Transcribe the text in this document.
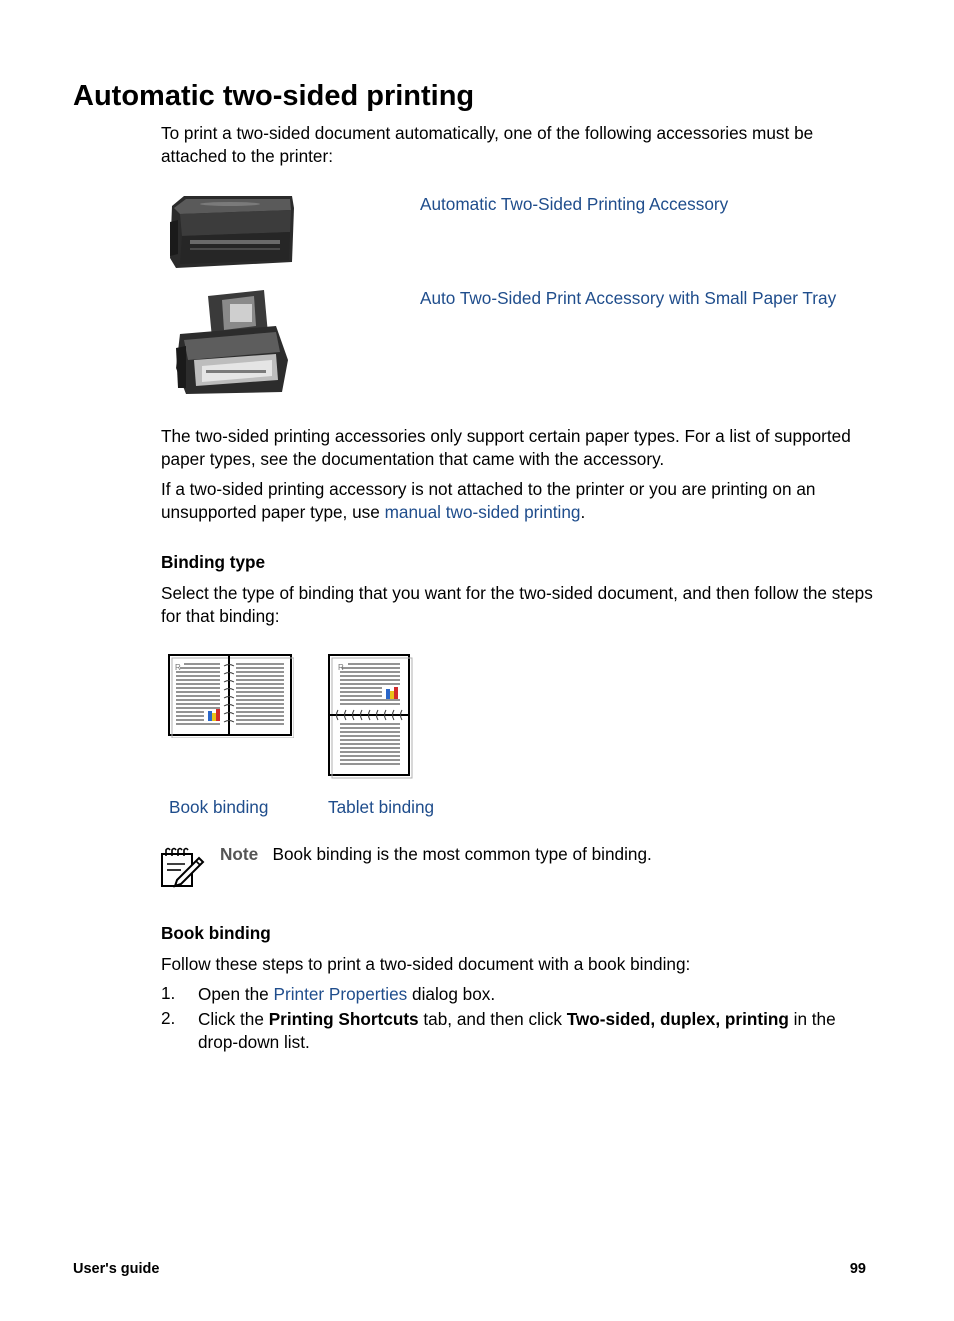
Automatic two-sided printing
To print a two-sided document automatically, one of the following accessories must be attached to the printer:
Automatic Two-Sided Printing Accessory
Auto Two-Sided Print Accessory with Small Paper Tray
The two-sided printing accessories only support certain paper types. For a list of supported paper types, see the documentation that came with the accessory.
If a two-sided printing accessory is not attached to the printer or you are printing on an unsupported paper type, use manual two-sided printing.
Binding type
Select the type of binding that you want for the two-sided document, and then follow the steps for that binding:
R	R
Book binding	Tablet binding
Note Book binding is the most common type of binding.
Book binding
Follow these steps to print a two-sided document with a book binding:
1. Open the Printer Properties dialog box.
2. Click the Printing Shortcuts tab, and then click Two-sided, duplex, printing in the drop-down list.
User's guide	99
